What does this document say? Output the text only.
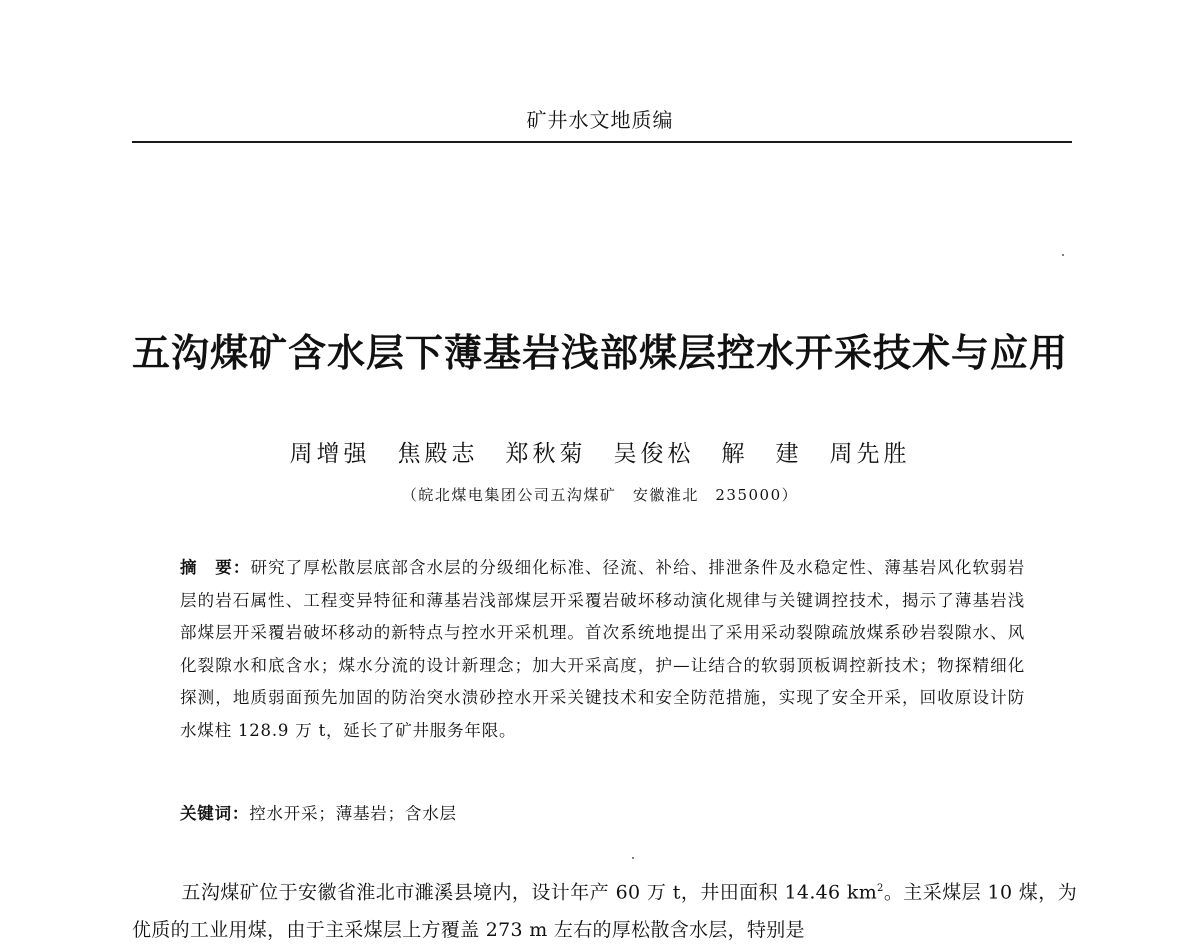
矿井水文地质编
五沟煤矿含水层下薄基岩浅部煤层控水开采技术与应用
周增强　焦殿志　郑秋菊　吴俊松　解　建　周先胜
（皖北煤电集团公司五沟煤矿　安徽淮北　235000）
摘　要：研究了厚松散层底部含水层的分级细化标准、径流、补给、排泄条件及水稳定性、薄基岩风化软弱岩层的岩石属性、工程变异特征和薄基岩浅部煤层开采覆岩破坏移动演化规律与关键调控技术，揭示了薄基岩浅部煤层开采覆岩破坏移动的新特点与控水开采机理。首次系统地提出了采用采动裂隙疏放煤系砂岩裂隙水、风化裂隙水和底含水；煤水分流的设计新理念；加大开采高度，护—让结合的软弱顶板调控新技术；物探精细化探测，地质弱面预先加固的防治突水溃砂控水开采关键技术和安全防范措施，实现了安全开采，回收原设计防水煤柱 128.9 万 t，延长了矿井服务年限。
关键词：控水开采；薄基岩；含水层
五沟煤矿位于安徽省淮北市濉溪县境内，设计年产 60 万 t，井田面积 14.46 $km^2$。主采煤层 10 煤，为优质的工业用煤，由于主采煤层上方覆盖 273 m 左右的厚松散含水层，特别是
